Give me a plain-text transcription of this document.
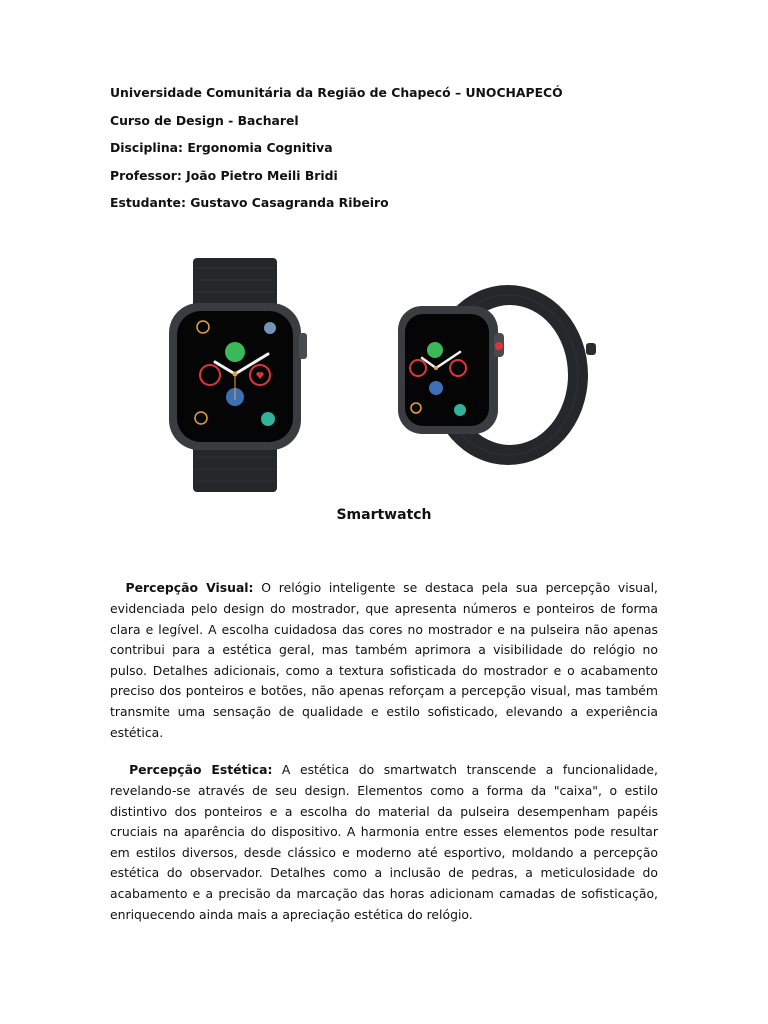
Universidade Comunitária da Região de Chapecó – UNOCHAPECÓ
Curso de Design - Bacharel
Disciplina: Ergonomia Cognitiva
Professor: João Pietro Meili Bridi
Estudante: Gustavo Casagranda Ribeiro
Smartwatch

Percepção Visual: O relógio inteligente se destaca pela sua percepção visual, evidenciada pelo design do mostrador, que apresenta números e ponteiros de forma clara e legível. A escolha cuidadosa das cores no mostrador e na pulseira não apenas contribui para a estética geral, mas também aprimora a visibilidade do relógio no pulso. Detalhes adicionais, como a textura sofisticada do mostrador e o acabamento preciso dos ponteiros e botões, não apenas reforçam a percepção visual, mas também transmite uma sensação de qualidade e estilo sofisticado, elevando a experiência estética.

Percepção Estética: A estética do smartwatch transcende a funcionalidade, revelando-se através de seu design. Elementos como a forma da "caixa", o estilo distintivo dos ponteiros e a escolha do material da pulseira desempenham papéis cruciais na aparência do dispositivo. A harmonia entre esses elementos pode resultar em estilos diversos, desde clássico e moderno até esportivo, moldando a percepção estética do observador. Detalhes como a inclusão de pedras, a meticulosidade do acabamento e a precisão da marcação das horas adicionam camadas de sofisticação, enriquecendo ainda mais a apreciação estética do relógio.
